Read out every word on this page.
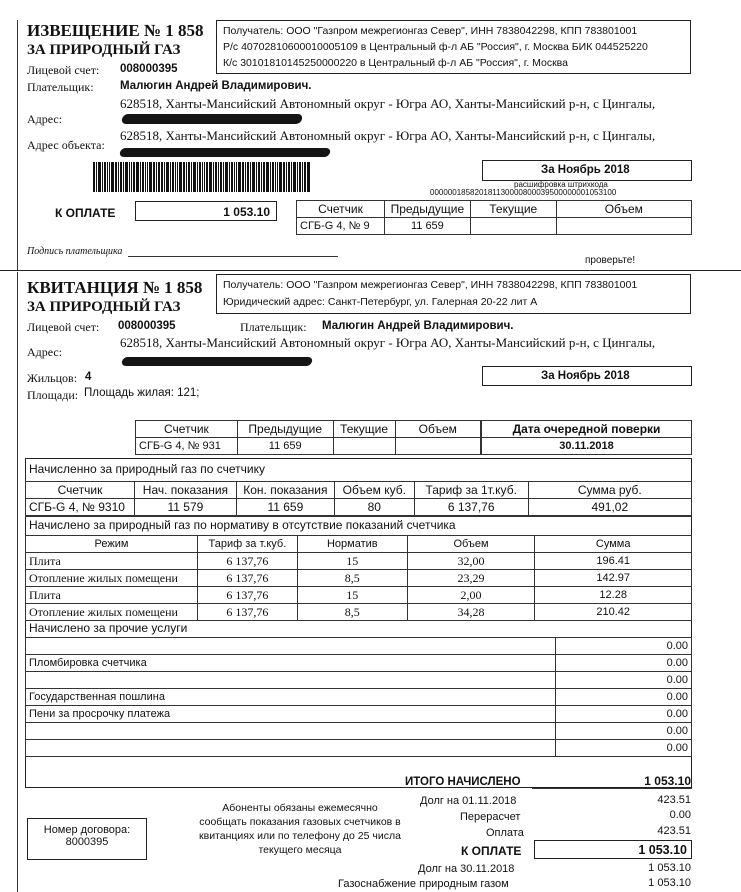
ИЗВЕЩЕНИЕ № 1 858
ЗА ПРИРОДНЫЙ ГАЗ
Получатель: ООО "Газпром межрегионгаз Север", ИНН 7838042298, КПП 783801001
Р/с 40702810600010005109 в Центральный ф-л АБ "Россия", г. Москва БИК 044525220
К/с 30101810145250000220 в Центральный ф-л АБ "Россия", г. Москва
Лицевой счет: 008000395
Плательщик: Малюгин Андрей Владимирович.
628518, Ханты-Мансийский Автономный округ - Югра АО, Ханты-Мансийский р-н, с Цингалы,
Адрес:
628518, Ханты-Мансийский Автономный округ - Югра АО, Ханты-Мансийский р-н, с Цингалы,
Адрес объекта:
За Ноябрь 2018
расшифровка штрихкода
000000185820181130000800039500000001053100
К ОПЛАТЕ	1 053.10	Счетчик	Предыдущие	Текущие	Объем
СГБ-G 4, № 9	11 659		
Подпись плательщика
проверьте!
КВИТАНЦИЯ № 1 858
ЗА ПРИРОДНЫЙ ГАЗ
Получатель: ООО "Газпром межрегионгаз Север", ИНН 7838042298, КПП 783801001
Юридический адрес: Санкт-Петербург, ул. Галерная 20-22 лит А
Лицевой счет: 008000395	Плательщик: Малюгин Андрей Владимирович.
628518, Ханты-Мансийский Автономный округ - Югра АО, Ханты-Мансийский р-н, с Цингалы,
Адрес:
Жильцов: 4
Площади: Площадь жилая: 121;
За Ноябрь 2018
Счетчик	Предыдущие	Текущие	Объем
СГБ-G 4, № 931	11 659		
Дата очередной поверки
30.11.2018
Начисленно за природный газ по счетчику
Счетчик	Нач. показания	Кон. показания	Объем куб.	Тариф за 1т.куб.	Сумма руб.
СГБ-G 4, № 9310	11 579	11 659	80	6 137,76	491,02
Начислено за природный газ по нормативу в отсутствие показаний счетчика
Режим	Тариф за т.куб.	Норматив	Объем	Сумма
Плита	6 137,76	15	32,00	196.41
Отопление жилых помещени	6 137,76	8,5	23,29	142.97
Плита	6 137,76	15	2,00	12.28
Отопление жилых помещени	6 137,76	8,5	34,28	210.42
Начислено за прочие услуги
	0.00
Пломбировка счетчика	0.00
	0.00
Государственная пошлина	0.00
Пени за просрочку платежа	0.00
	0.00
	0.00
ИТОГО НАЧИСЛЕНО	1 053.10
Абоненты обязаны ежемесячно
сообщать показания газовых счетчиков в
квитанциях или по телефону до 25 числа
текущего месяца
Номер договора:
8000395
Долг на 01.11.2018	423.51
Перерасчет	0.00
Оплата	423.51
К ОПЛАТЕ	1 053.10
Долг на 30.11.2018	1 053.10
Газоснабжение природным газом	1 053.10
